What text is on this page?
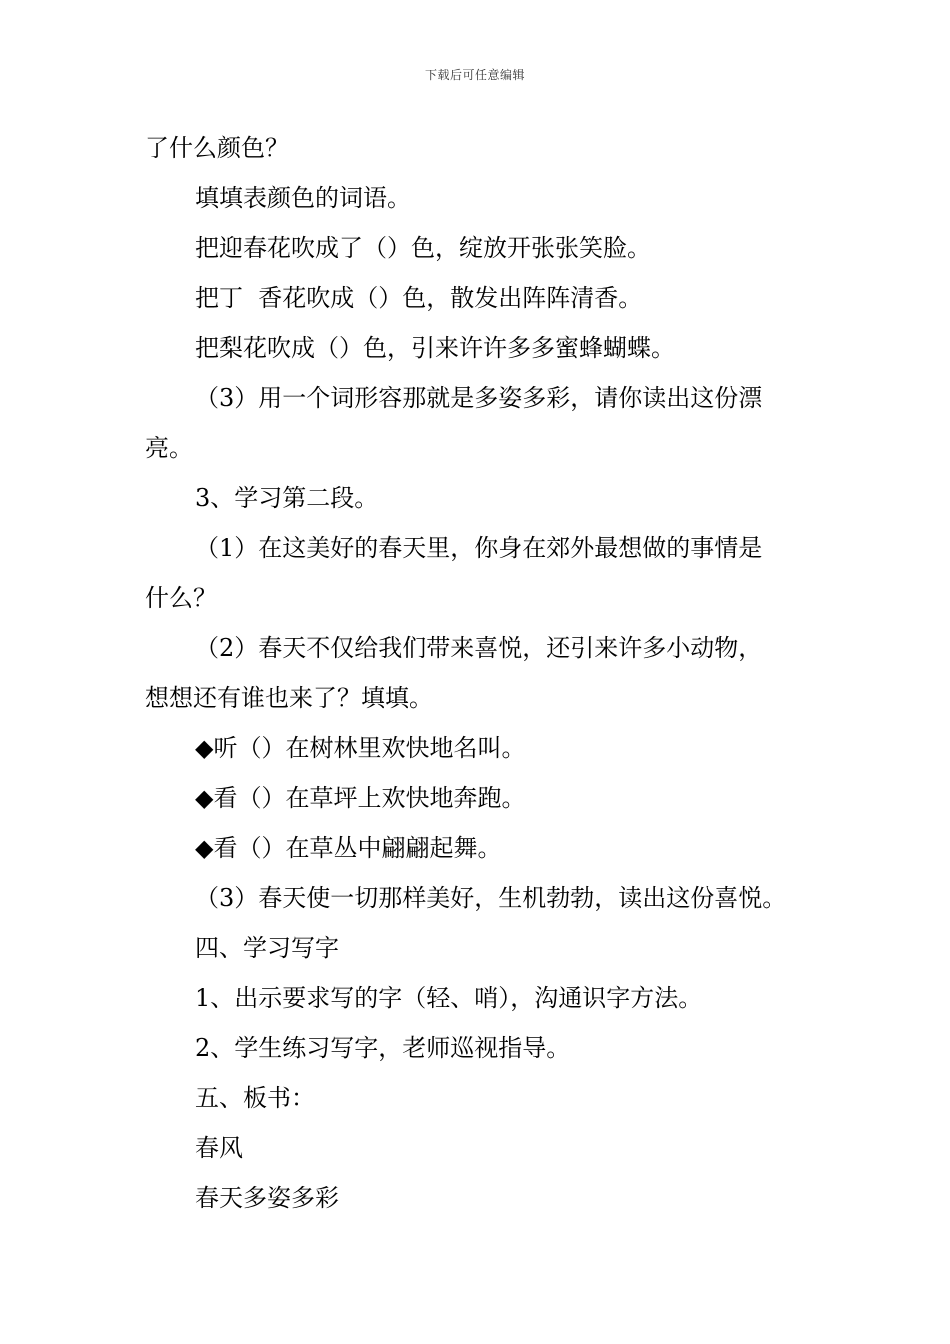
下载后可任意编辑
了什么颜色？
填填表颜色的词语。
把迎春花吹成了（）色，绽放开张张笑脸。
把丁  香花吹成（）色，散发出阵阵清香。
把梨花吹成（）色，引来许许多多蜜蜂蝴蝶。
（3）用一个词形容那就是多姿多彩，请你读出这份漂
亮。
3、学习第二段。
（1）在这美好的春天里，你身在郊外最想做的事情是
什么？
（2）春天不仅给我们带来喜悦，还引来许多小动物，
想想还有谁也来了？填填。
◆听（）在树林里欢快地名叫。
◆看（）在草坪上欢快地奔跑。
◆看（）在草丛中翩翩起舞。
（3）春天使一切那样美好，生机勃勃，读出这份喜悦。
四、学习写字
1、出示要求写的字（轻、哨），沟通识字方法。
2、学生练习写字，老师巡视指导。
五、板书：
春风
春天多姿多彩
